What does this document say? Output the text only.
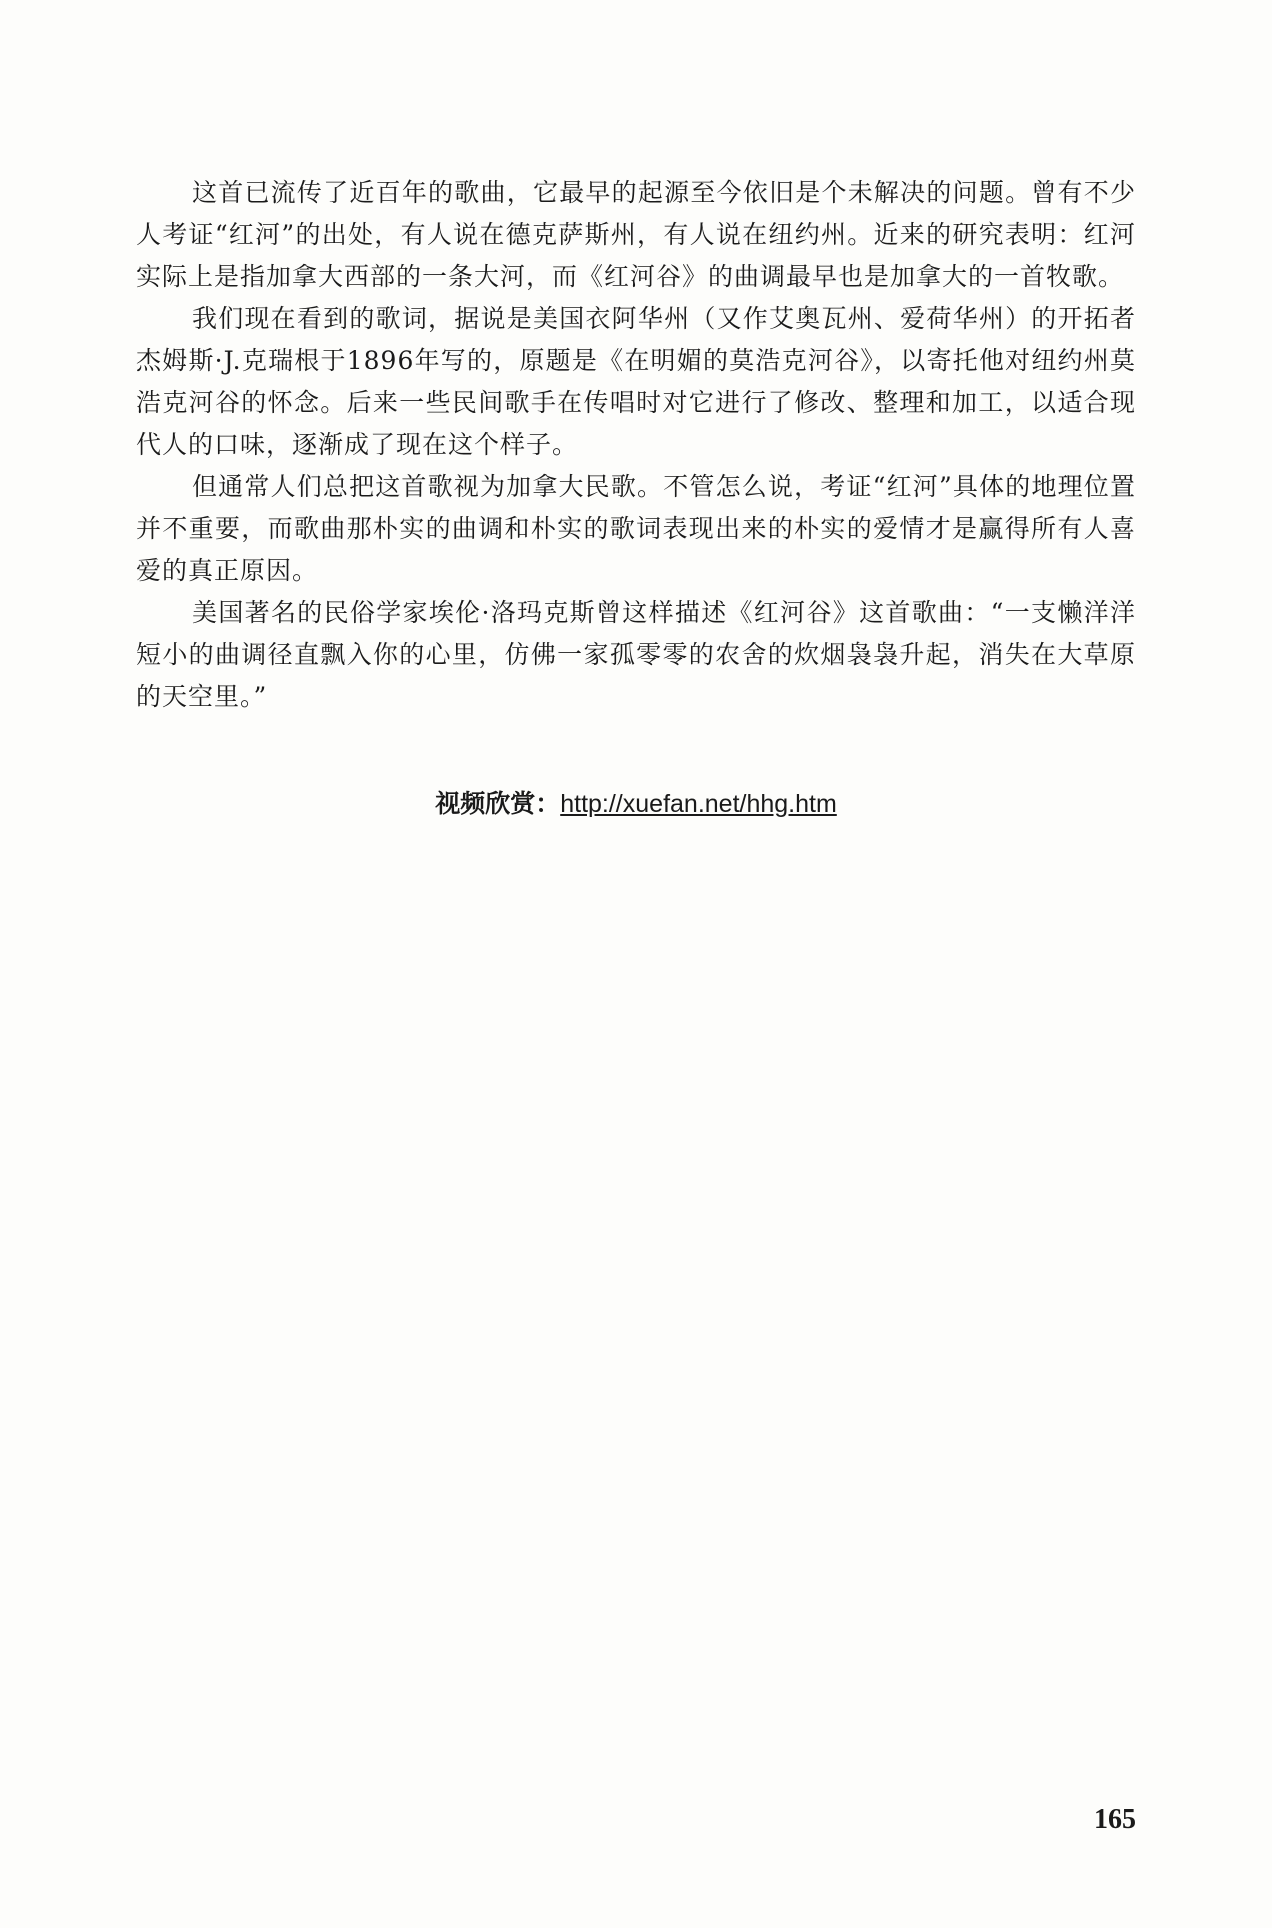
这首已流传了近百年的歌曲，它最早的起源至今依旧是个未解决的问题。曾有不少人考证“红河”的出处，有人说在德克萨斯州，有人说在纽约州。近来的研究表明：红河实际上是指加拿大西部的一条大河，而《红河谷》的曲调最早也是加拿大的一首牧歌。

我们现在看到的歌词，据说是美国衣阿华州（又作艾奥瓦州、爱荷华州）的开拓者杰姆斯·J.克瑞根于1896年写的，原题是《在明媚的莫浩克河谷》，以寄托他对纽约州莫浩克河谷的怀念。后来一些民间歌手在传唱时对它进行了修改、整理和加工，以适合现代人的口味，逐渐成了现在这个样子。

但通常人们总把这首歌视为加拿大民歌。不管怎么说，考证“红河”具体的地理位置并不重要，而歌曲那朴实的曲调和朴实的歌词表现出来的朴实的爱情才是赢得所有人喜爱的真正原因。

美国著名的民俗学家埃伦·洛玛克斯曾这样描述《红河谷》这首歌曲：“一支懒洋洋短小的曲调径直飘入你的心里，仿佛一家孤零零的农舍的炊烟袅袅升起，消失在大草原的天空里。”

视频欣赏：http://xuefan.net/hhg.htm
165
